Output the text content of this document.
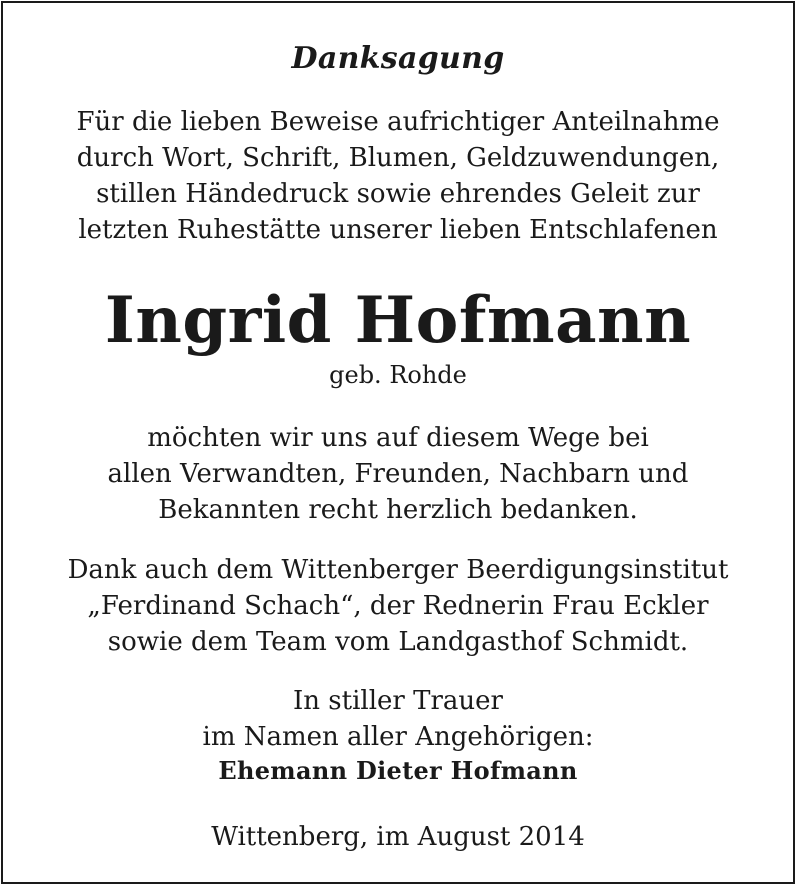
Danksagung
Für die lieben Beweise aufrichtiger Anteilnahme
durch Wort, Schrift, Blumen, Geldzuwendungen,
stillen Händedruck sowie ehrendes Geleit zur
letzten Ruhestätte unserer lieben Entschlafenen
Ingrid Hofmann
geb. Rohde
möchten wir uns auf diesem Wege bei
allen Verwandten, Freunden, Nachbarn und
Bekannten recht herzlich bedanken.
Dank auch dem Wittenberger Beerdigungsinstitut
„Ferdinand Schach“, der Rednerin Frau Eckler
sowie dem Team vom Landgasthof Schmidt.
In stiller Trauer
im Namen aller Angehörigen:
Ehemann Dieter Hofmann
Wittenberg, im August 2014
